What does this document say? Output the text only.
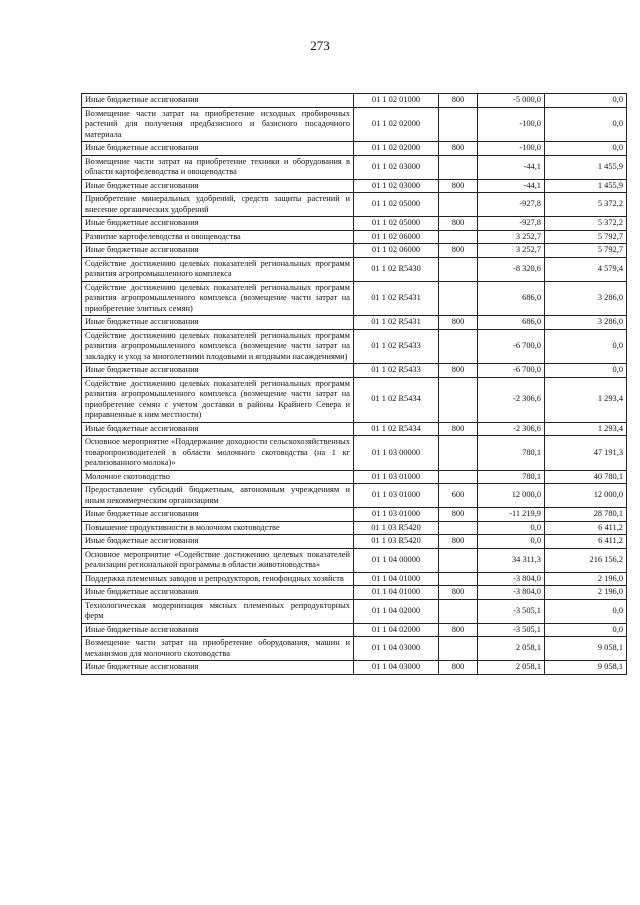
273
Иные бюджетные ассигнования	01 1 02 01000	800	-5 000,0	0,0
Возмещение части затрат на приобретение исходных пробирочных растений для получения предбазисного и базисного посадочного материала	01 1 02 02000		-100,0	0,0
Иные бюджетные ассигнования	01 1 02 02000	800	-100,0	0,0
Возмещение части затрат на приобретение техники и оборудования в области картофелеводства и овощеводства	01 1 02 03000		-44,1	1 455,9
Иные бюджетные ассигнования	01 1 02 03000	800	-44,1	1 455,9
Приобретение минеральных удобрений, средств защиты растений и внесение органических удобрений	01 1 02 05000		-927,8	5 372,2
Иные бюджетные ассигнования	01 1 02 05000	800	-927,8	5 372,2
Развитие картофелеводства и овощеводства	01 1 02 06000		3 252,7	5 792,7
Иные бюджетные ассигнования	01 1 02 06000	800	3 252,7	5 792,7
Содействие достижению целевых показателей региональных программ развития агропромышленного комплекса	01 1 02 R5430		-8 320,6	4 579,4
Содействие достижению целевых показателей региональных программ развития агропромышленного комплекса (возмещение части затрат на приобретение элитных семян)	01 1 02 R5431		686,0	3 286,0
Иные бюджетные ассигнования	01 1 02 R5431	800	686,0	3 286,0
Содействие достижению целевых показателей региональных программ развития агропромышленного комплекса (возмещение части затрат на закладку и уход за многолетними плодовыми и ягодными насаждениями)	01 1 02 R5433		-6 700,0	0,0
Иные бюджетные ассигнования	01 1 02 R5433	800	-6 700,0	0,0
Содействие достижению целевых показателей региональных программ развития агропромышленного комплекса (возмещение части затрат на приобретение семян с учетом доставки в районы Крайнего Севера и приравненные к ним местности)	01 1 02 R5434		-2 306,6	1 293,4
Иные бюджетные ассигнования	01 1 02 R5434	800	-2 306,6	1 293,4
Основное мероприятие «Поддержание доходности сельскохозяйственных товаропроизводителей в области молочного скотоводства (на 1 кг реализованного молока)»	01 1 03 00000		780,1	47 191,3
Молочное скотоводство	01 1 03 01000		780,1	40 780,1
Предоставление субсидий бюджетным, автономным учреждениям и иным некоммерческим организациям	01 1 03 01000	600	12 000,0	12 000,0
Иные бюджетные ассигнования	01 1 03 01000	800	-11 219,9	28 780,1
Повышение продуктивности в молочном скотоводстве	01 1 03 R5420		0,0	6 411,2
Иные бюджетные ассигнования	01 1 03 R5420	800	0,0	6 411,2
Основное мероприятие «Содействие достижению целевых показателей реализации региональной программы в области животноводства»	01 1 04 00000		34 311,3	216 156,2
Поддержка племенных заводов и репродукторов, генофондных хозяйств	01 1 04 01000		-3 804,0	2 196,0
Иные бюджетные ассигнования	01 1 04 01000	800	-3 804,0	2 196,0
Технологическая модернизация мясных племенных репродукторных ферм	01 1 04 02000		-3 505,1	0,0
Иные бюджетные ассигнования	01 1 04 02000	800	-3 505,1	0,0
Возмещение части затрат на приобретение оборудования, машин и механизмов для молочного скотоводства	01 1 04 03000		2 058,1	9 058,1
Иные бюджетные ассигнования	01 1 04 03000	800	2 058,1	9 058,1
